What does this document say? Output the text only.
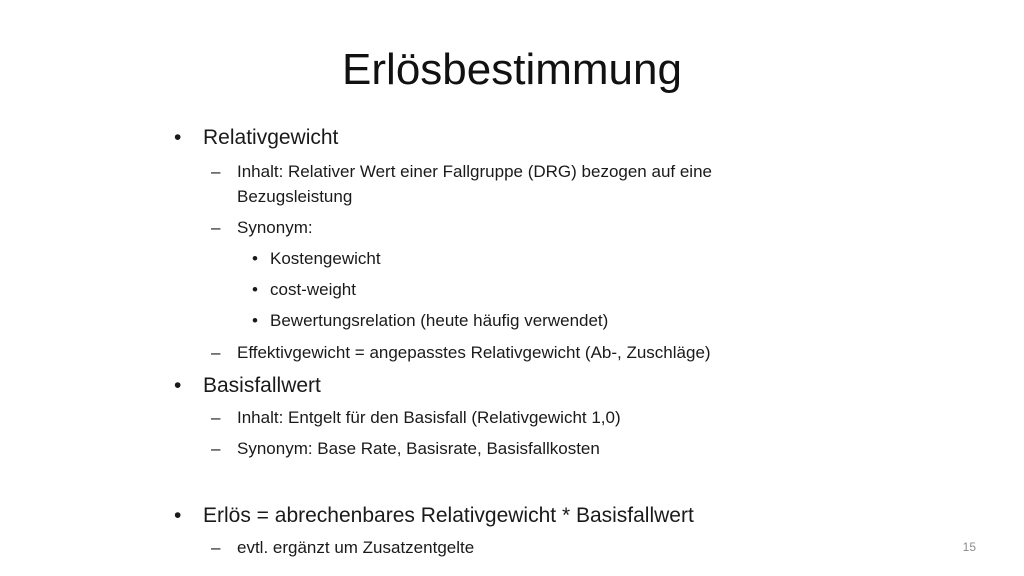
Erlösbestimmung
• Relativgewicht
– Inhalt: Relativer Wert einer Fallgruppe (DRG) bezogen auf eine
Bezugsleistung
– Synonym:
• Kostengewicht
• cost-weight
• Bewertungsrelation (heute häufig verwendet)
– Effektivgewicht = angepasstes Relativgewicht (Ab-, Zuschläge)
• Basisfallwert
– Inhalt: Entgelt für den Basisfall (Relativgewicht 1,0)
– Synonym: Base Rate, Basisrate, Basisfallkosten
• Erlös = abrechenbares Relativgewicht * Basisfallwert
– evtl. ergänzt um Zusatzentgelte	15
